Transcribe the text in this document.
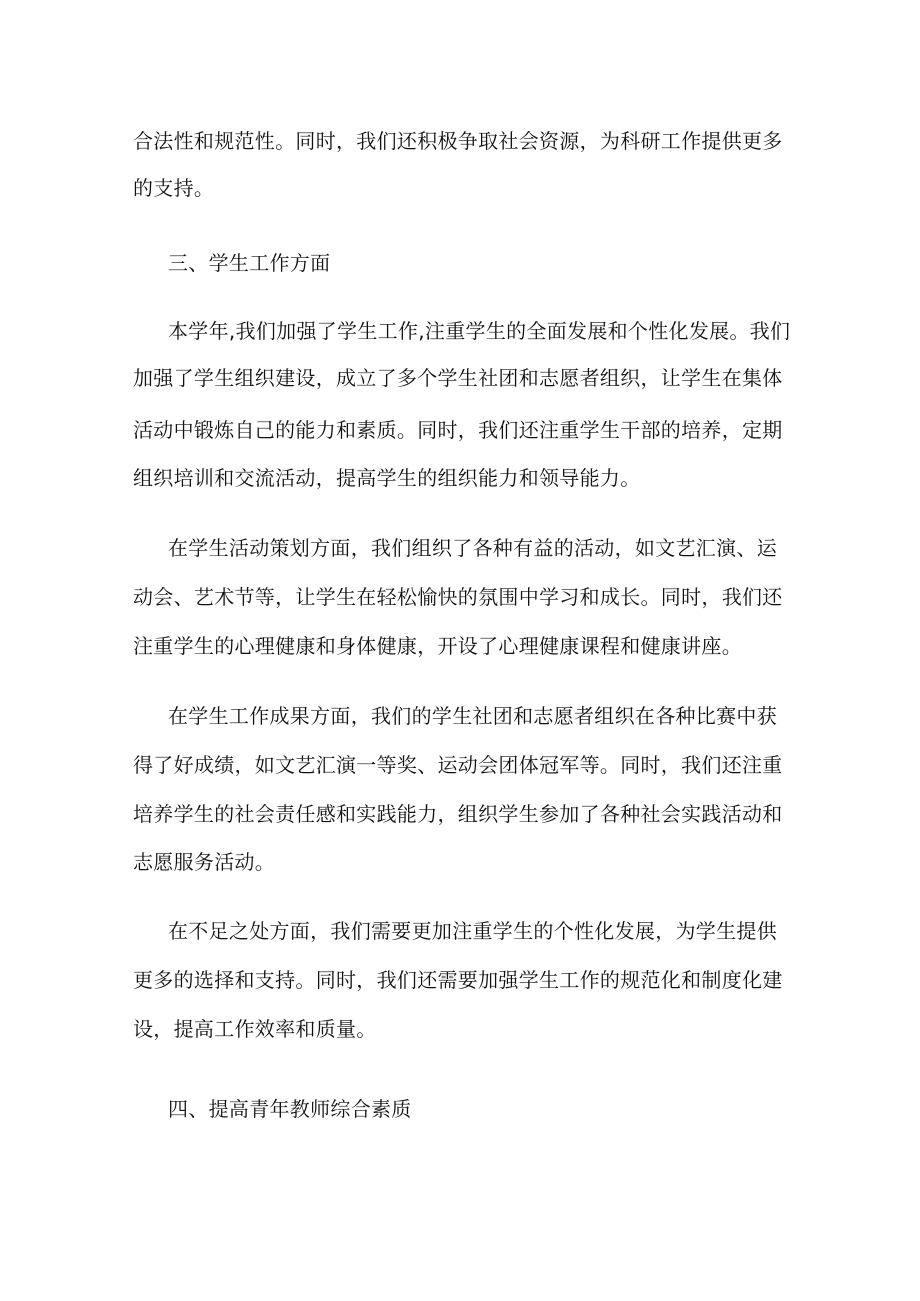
合法性和规范性。同时，我们还积极争取社会资源，为科研工作提供更多
的支持。
三、学生工作方面
本学年,我们加强了学生工作,注重学生的全面发展和个性化发展。我们
加强了学生组织建设，成立了多个学生社团和志愿者组织，让学生在集体
活动中锻炼自己的能力和素质。同时，我们还注重学生干部的培养，定期
组织培训和交流活动，提高学生的组织能力和领导能力。
在学生活动策划方面，我们组织了各种有益的活动，如文艺汇演、运
动会、艺术节等，让学生在轻松愉快的氛围中学习和成长。同时，我们还
注重学生的心理健康和身体健康，开设了心理健康课程和健康讲座。
在学生工作成果方面，我们的学生社团和志愿者组织在各种比赛中获
得了好成绩，如文艺汇演一等奖、运动会团体冠军等。同时，我们还注重
培养学生的社会责任感和实践能力，组织学生参加了各种社会实践活动和
志愿服务活动。
在不足之处方面，我们需要更加注重学生的个性化发展，为学生提供
更多的选择和支持。同时，我们还需要加强学生工作的规范化和制度化建
设，提高工作效率和质量。
四、提高青年教师综合素质
